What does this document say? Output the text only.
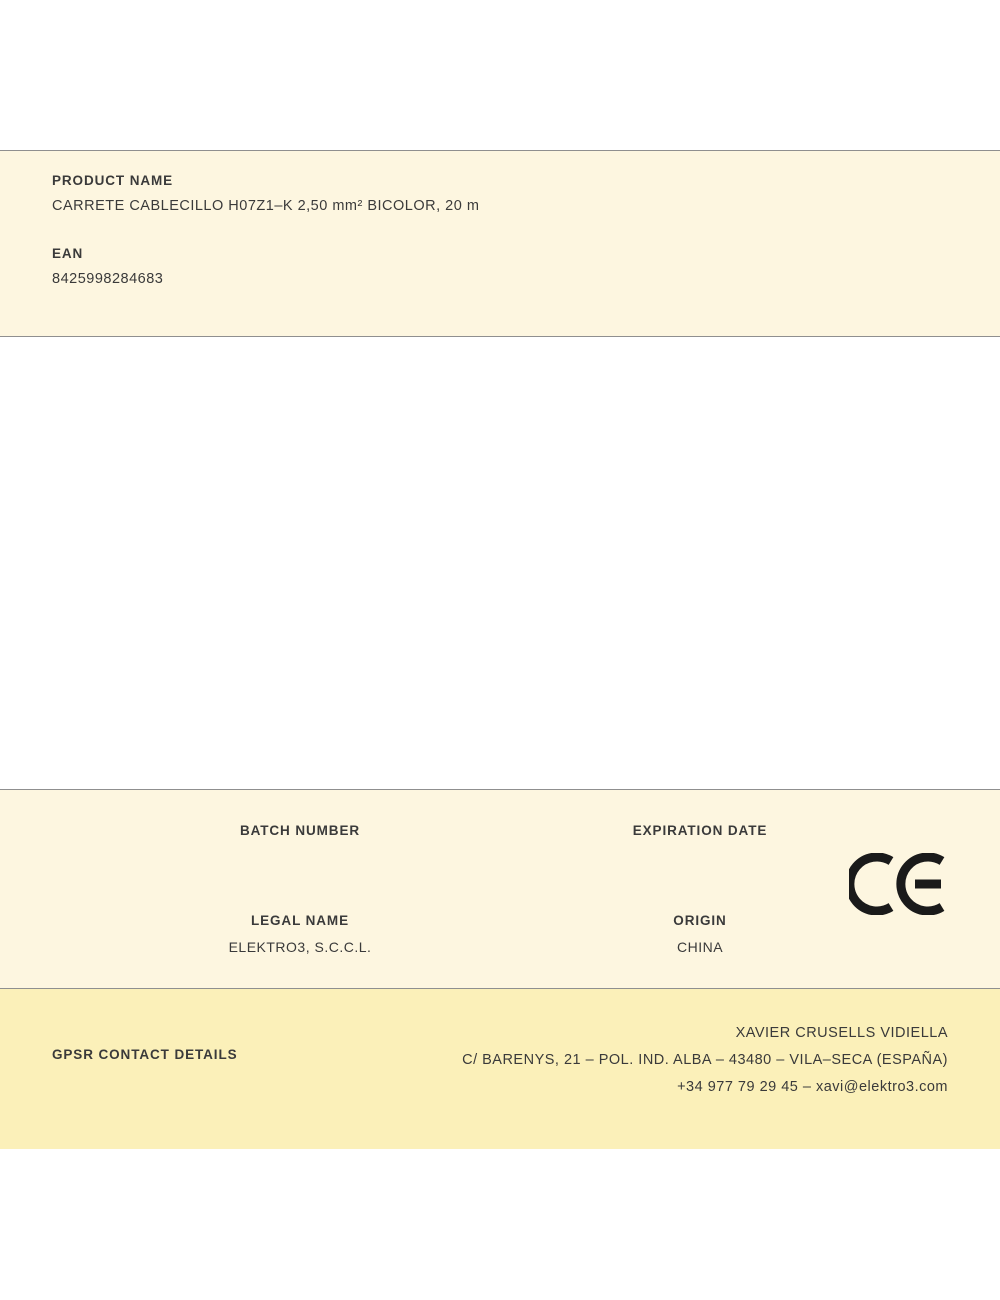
PRODUCT NAME

CARRETE CABLECILLO H07Z1–K 2,50 mm² BICOLOR, 20 m

EAN

8425998284683

BATCH NUMBER	EXPIRATION DATE

LEGAL NAME

ELEKTRO3, S.C.C.L.

ORIGIN

CHINA

GPSR CONTACT DETAILS

XAVIER CRUSELLS VIDIELLA

C/ BARENYS, 21 – POL. IND. ALBA – 43480 – VILA–SECA (ESPAÑA)

+34 977 79 29 45 – xavi@elektro3.com
